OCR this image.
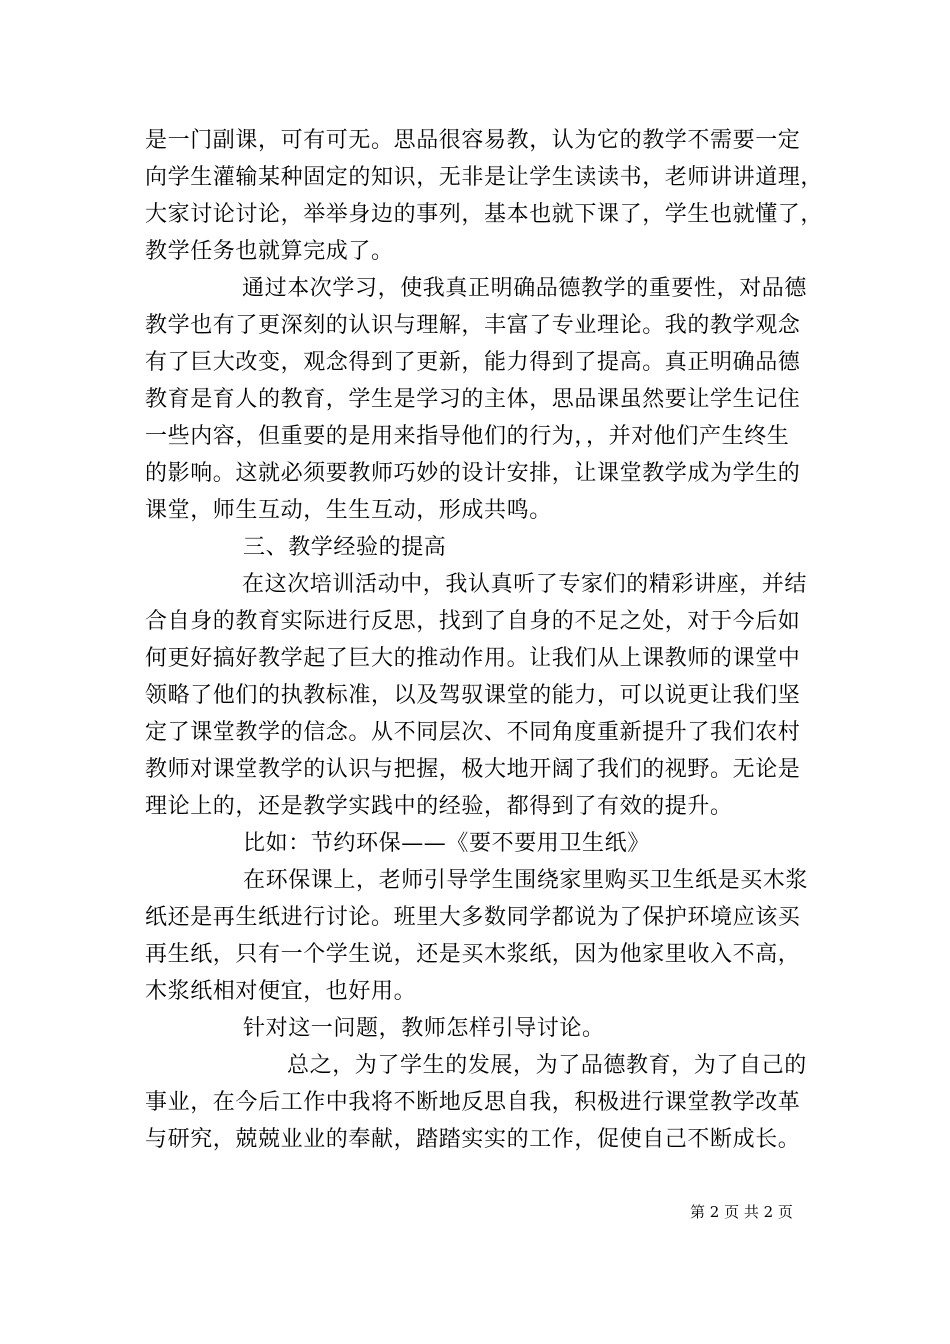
是一门副课，可有可无。思品很容易教，认为它的教学不需要一定
向学生灌输某种固定的知识，无非是让学生读读书，老师讲讲道理，
大家讨论讨论，举举身边的事列，基本也就下课了，学生也就懂了，
教学任务也就算完成了。
通过本次学习，使我真正明确品德教学的重要性，对品德
教学也有了更深刻的认识与理解，丰富了专业理论。我的教学观念
有了巨大改变，观念得到了更新，能力得到了提高。真正明确品德
教育是育人的教育，学生是学习的主体，思品课虽然要让学生记住
一些内容，但重要的是用来指导他们的行为，，并对他们产生终生
的影响。这就必须要教师巧妙的设计安排，让课堂教学成为学生的
课堂，师生互动，生生互动，形成共鸣。
三、教学经验的提高
在这次培训活动中，我认真听了专家们的精彩讲座，并结
合自身的教育实际进行反思，找到了自身的不足之处，对于今后如
何更好搞好教学起了巨大的推动作用。让我们从上课教师的课堂中
领略了他们的执教标准，以及驾驭课堂的能力，可以说更让我们坚
定了课堂教学的信念。从不同层次、不同角度重新提升了我们农村
教师对课堂教学的认识与把握，极大地开阔了我们的视野。无论是
理论上的，还是教学实践中的经验，都得到了有效的提升。
比如：节约环保——《要不要用卫生纸》
在环保课上，老师引导学生围绕家里购买卫生纸是买木浆
纸还是再生纸进行讨论。班里大多数同学都说为了保护环境应该买
再生纸，只有一个学生说，还是买木浆纸，因为他家里收入不高，
木浆纸相对便宜，也好用。
针对这一问题，教师怎样引导讨论。
总之，为了学生的发展，为了品德教育，为了自己的
事业，在今后工作中我将不断地反思自我，积极进行课堂教学改革
与研究，兢兢业业的奉献，踏踏实实的工作，促使自己不断成长。
第 2 页 共 2 页
